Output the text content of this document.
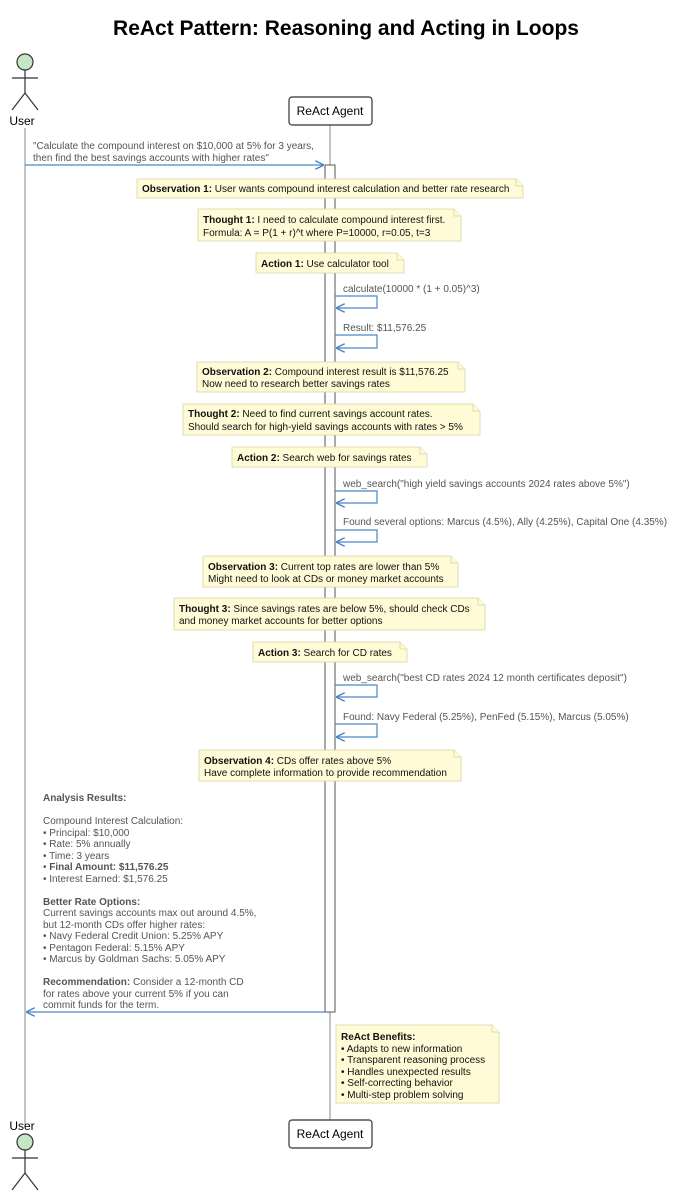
ReAct Pattern: Reasoning and Acting in Loops
User
ReAct Agent
"Calculate the compound interest on $10,000 at 5% for 3 years,
then find the best savings accounts with higher rates"
Observation 1: User wants compound interest calculation and better rate research
Thought 1: I need to calculate compound interest first.
Formula: A = P(1 + r)^t where P=10000, r=0.05, t=3
Action 1: Use calculator tool
calculate(10000 * (1 + 0.05)^3)
Result: $11,576.25
Observation 2: Compound interest result is $11,576.25
Now need to research better savings rates
Thought 2: Need to find current savings account rates.
Should search for high-yield savings accounts with rates > 5%
Action 2: Search web for savings rates
web_search("high yield savings accounts 2024 rates above 5%")
Found several options: Marcus (4.5%), Ally (4.25%), Capital One (4.35%)
Observation 3: Current top rates are lower than 5%
Might need to look at CDs or money market accounts
Thought 3: Since savings rates are below 5%, should check CDs
and money market accounts for better options
Action 3: Search for CD rates
web_search("best CD rates 2024 12 month certificates deposit")
Found: Navy Federal (5.25%), PenFed (5.15%), Marcus (5.05%)
Observation 4: CDs offer rates above 5%
Have complete information to provide recommendation
Analysis Results:
Compound Interest Calculation:
• Principal: $10,000
• Rate: 5% annually
• Time: 3 years
• Final Amount: $11,576.25
• Interest Earned: $1,576.25
Better Rate Options:
Current savings accounts max out around 4.5%,
but 12-month CDs offer higher rates:
• Navy Federal Credit Union: 5.25% APY
• Pentagon Federal: 5.15% APY
• Marcus by Goldman Sachs: 5.05% APY
Recommendation: Consider a 12-month CD
for rates above your current 5% if you can
commit funds for the term.
ReAct Benefits:
• Adapts to new information
• Transparent reasoning process
• Handles unexpected results
• Self-correcting behavior
• Multi-step problem solving
ReAct Agent
User
